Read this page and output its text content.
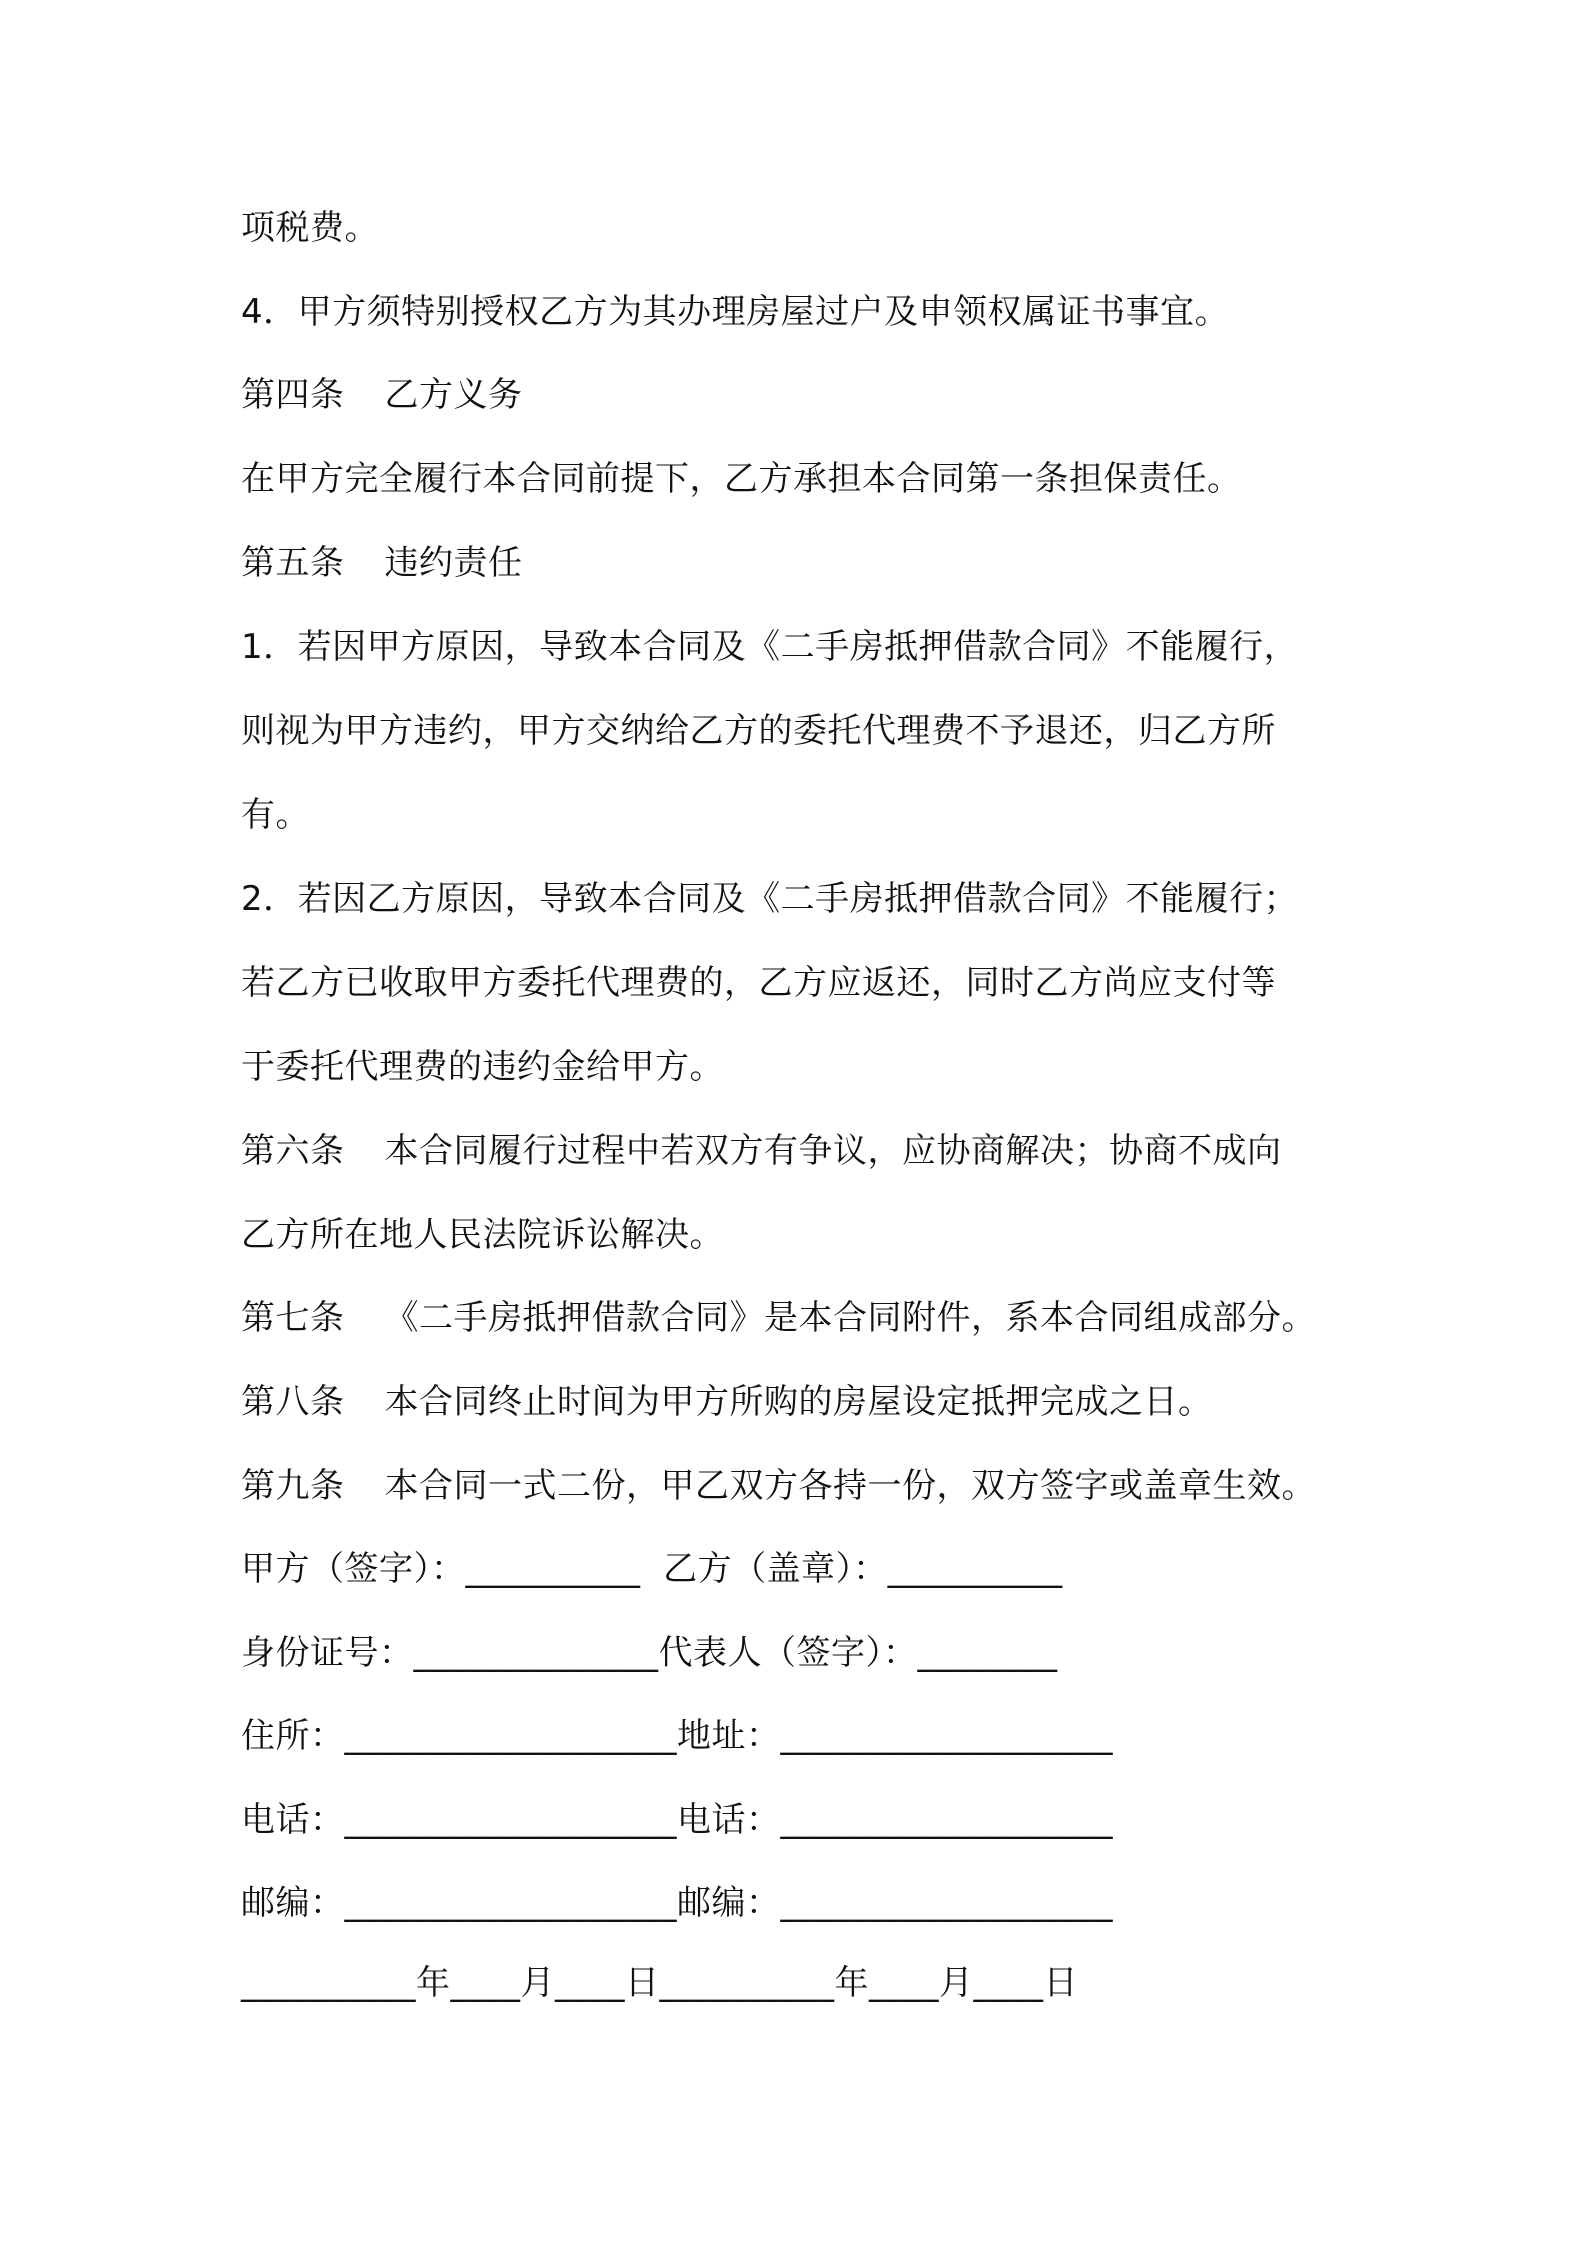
项税费。
4．甲方须特别授权乙方为其办理房屋过户及申领权属证书事宜。
第四条 乙方义务
在甲方完全履行本合同前提下，乙方承担本合同第一条担保责任。
第五条 违约责任
1．若因甲方原因，导致本合同及《二手房抵押借款合同》不能履行，
则视为甲方违约，甲方交纳给乙方的委托代理费不予退还，归乙方所
有。
2．若因乙方原因，导致本合同及《二手房抵押借款合同》不能履行；
若乙方已收取甲方委托代理费的，乙方应返还，同时乙方尚应支付等
于委托代理费的违约金给甲方。
第六条 本合同履行过程中若双方有争议，应协商解决；协商不成向
乙方所在地人民法院诉讼解决。
第七条 《二手房抵押借款合同》是本合同附件，系本合同组成部分。
第八条 本合同终止时间为甲方所购的房屋设定抵押完成之日。
第九条 本合同一式二份，甲乙双方各持一份，双方签字或盖章生效。
甲方（签字）：__________  乙方（盖章）：__________
身份证号：______________代表人（签字）：________
住所：___________________地址：___________________
电话：___________________电话：___________________
邮编：___________________邮编：___________________
__________年____月____日__________年____月____日
